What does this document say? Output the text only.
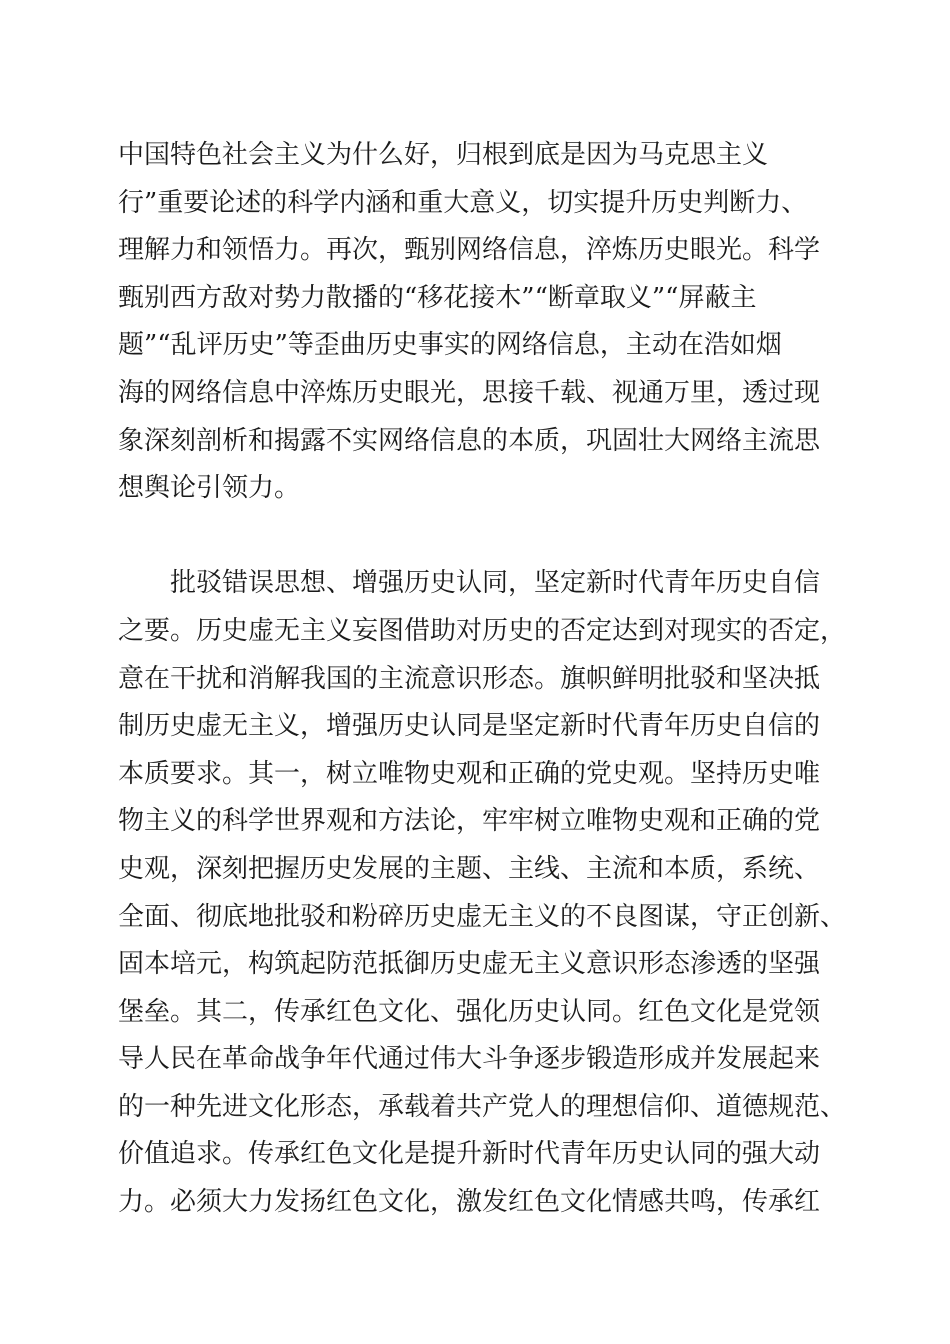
中国特色社会主义为什么好，归根到底是因为马克思主义
行”重要论述的科学内涵和重大意义，切实提升历史判断力、
理解力和领悟力。再次，甄别网络信息，淬炼历史眼光。科学
甄别西方敌对势力散播的“移花接木”“断章取义”“屏蔽主
题”“乱评历史”等歪曲历史事实的网络信息，主动在浩如烟
海的网络信息中淬炼历史眼光，思接千载、视通万里，透过现
象深刻剖析和揭露不实网络信息的本质，巩固壮大网络主流思
想舆论引领力。
　　批驳错误思想、增强历史认同，坚定新时代青年历史自信
之要。历史虚无主义妄图借助对历史的否定达到对现实的否定，
意在干扰和消解我国的主流意识形态。旗帜鲜明批驳和坚决抵
制历史虚无主义，增强历史认同是坚定新时代青年历史自信的
本质要求。其一，树立唯物史观和正确的党史观。坚持历史唯
物主义的科学世界观和方法论，牢牢树立唯物史观和正确的党
史观，深刻把握历史发展的主题、主线、主流和本质，系统、
全面、彻底地批驳和粉碎历史虚无主义的不良图谋，守正创新、
固本培元，构筑起防范抵御历史虚无主义意识形态渗透的坚强
堡垒。其二，传承红色文化、强化历史认同。红色文化是党领
导人民在革命战争年代通过伟大斗争逐步锻造形成并发展起来
的一种先进文化形态，承载着共产党人的理想信仰、道德规范、
价值追求。传承红色文化是提升新时代青年历史认同的强大动
力。必须大力发扬红色文化，激发红色文化情感共鸣，传承红
